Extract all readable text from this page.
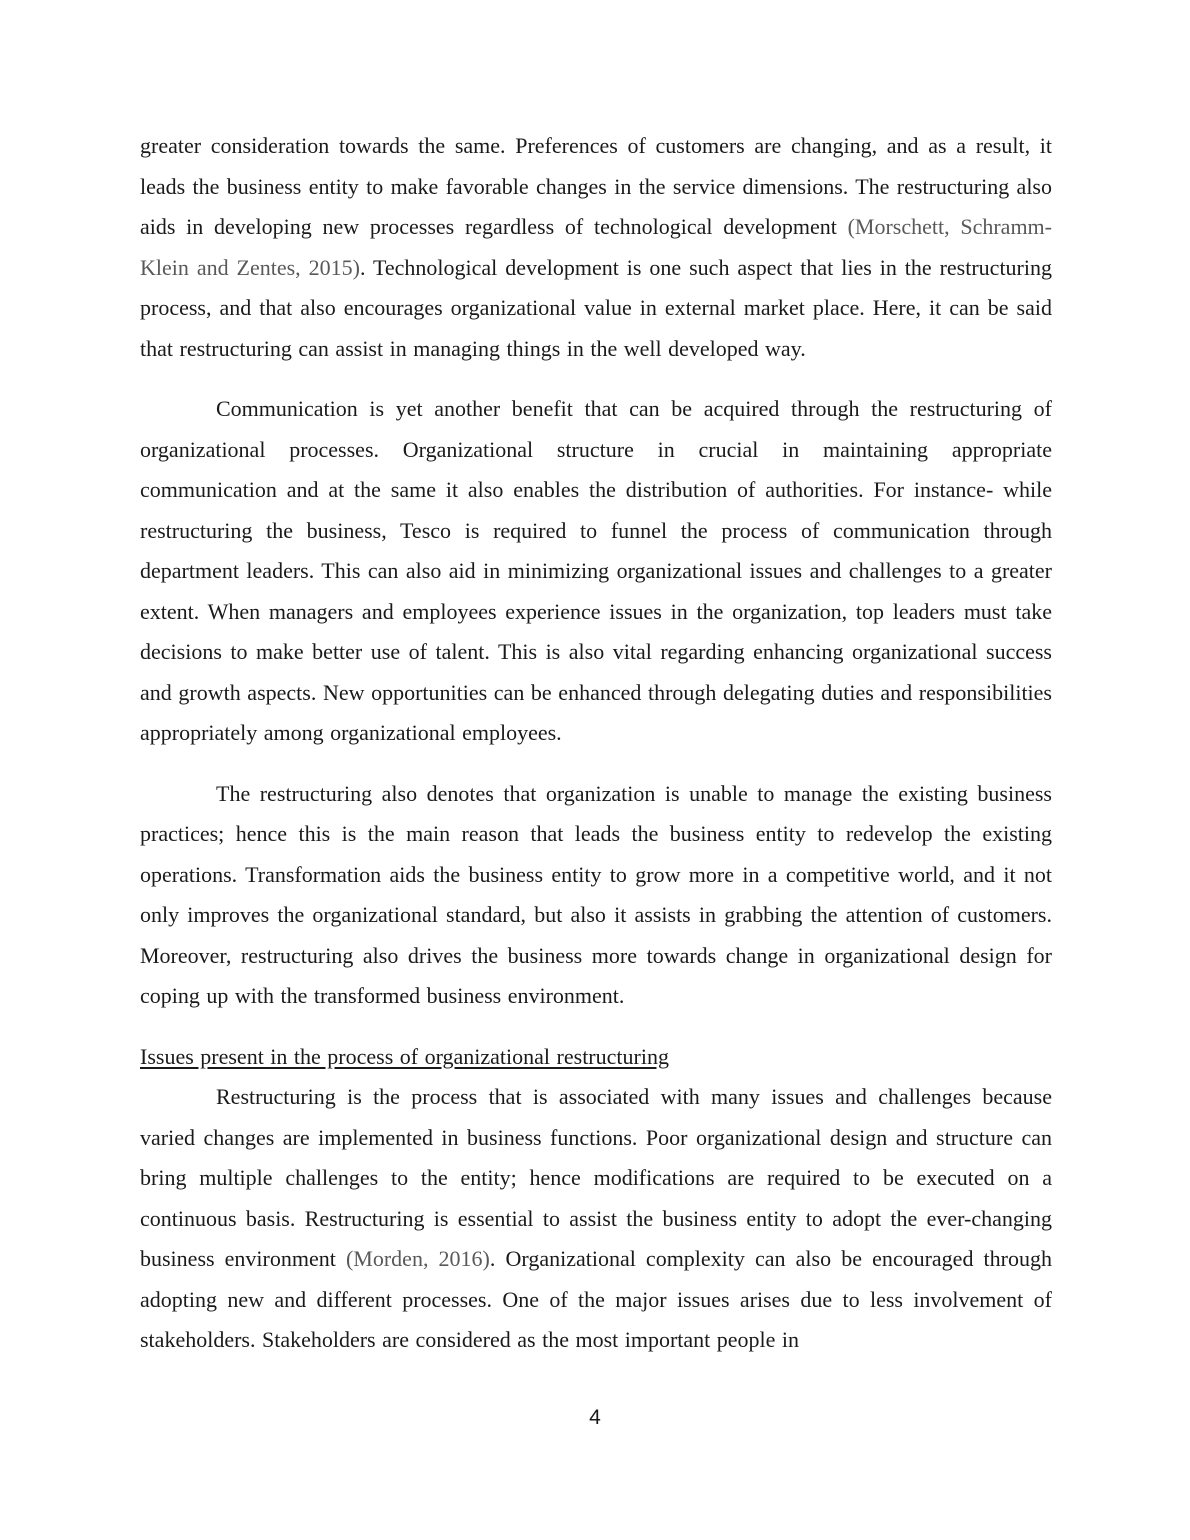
greater consideration towards the same. Preferences of customers are changing, and as a result, it leads the business entity to make favorable changes in the service dimensions. The restructuring also aids in developing new processes regardless of technological development (Morschett, Schramm-Klein and Zentes, 2015). Technological development is one such aspect that lies in the restructuring process, and that also encourages organizational value in external market place. Here, it can be said that restructuring can assist in managing things in the well developed way.

Communication is yet another benefit that can be acquired through the restructuring of organizational processes. Organizational structure in crucial in maintaining appropriate communication and at the same it also enables the distribution of authorities. For instance- while restructuring the business, Tesco is required to funnel the process of communication through department leaders. This can also aid in minimizing organizational issues and challenges to a greater extent. When managers and employees experience issues in the organization, top leaders must take decisions to make better use of talent. This is also vital regarding enhancing organizational success and growth aspects. New opportunities can be enhanced through delegating duties and responsibilities appropriately among organizational employees.

The restructuring also denotes that organization is unable to manage the existing business practices; hence this is the main reason that leads the business entity to redevelop the existing operations. Transformation aids the business entity to grow more in a competitive world, and it not only improves the organizational standard, but also it assists in grabbing the attention of customers. Moreover, restructuring also drives the business more towards change in organizational design for coping up with the transformed business environment.

Issues present in the process of organizational restructuring

Restructuring is the process that is associated with many issues and challenges because varied changes are implemented in business functions. Poor organizational design and structure can bring multiple challenges to the entity; hence modifications are required to be executed on a continuous basis. Restructuring is essential to assist the business entity to adopt the ever-changing business environment (Morden, 2016). Organizational complexity can also be encouraged through adopting new and different processes. One of the major issues arises due to less involvement of stakeholders. Stakeholders are considered as the most important people in

4
